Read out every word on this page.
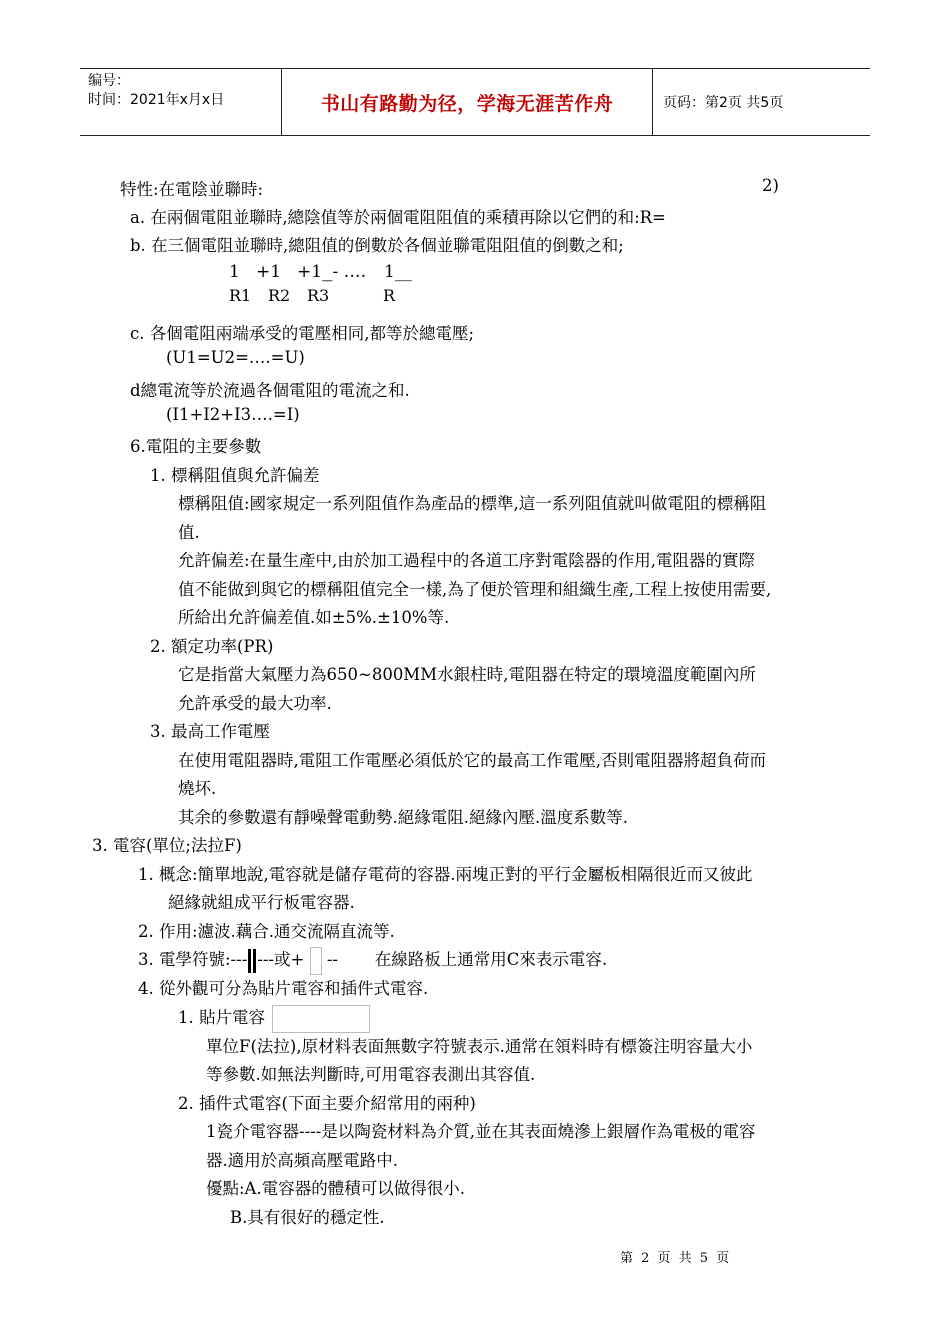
编号：
时间：2021年x月x日	书山有路勤为径，学海无涯苦作舟	页码：第2页 共5页
特性:在電陰並聯時:	2)
a. 在兩個電阻並聯時,總陰值等於兩個電阻阻值的乘積再除以它們的和:R=
b. 在三個電阻並聯時,總阻值的倒數於各個並聯電阻阻值的倒數之和;
1 +1 +1_
_- …. 1__
R1 R2 R3	R
c. 各個電阻兩端承受的電壓相同,都等於總電壓;
(U1=U2=….=U)
d總電流等於流過各個電阻的電流之和.
(I1+I2+I3….=I)
6.電阻的主要參數
1. 標稱阻值與允許偏差
標稱阻值:國家規定一系列阻值作為產品的標準,這一系列阻值就叫做電阻的標稱阻
值.
允許偏差:在量生產中,由於加工過程中的各道工序對電陰器的作用,電阻器的實際
值不能做到與它的標稱阻值完全一樣,為了便於管理和組織生產,工程上按使用需要,
所給出允許偏差值.如±5%.±10%等.
2. 額定功率(PR)
它是指當大氣壓力為650~800MM水銀柱時,電阻器在特定的環境溫度範圍內所
允許承受的最大功率.
3. 最高工作電壓
在使用電阻器時,電阻工作電壓必須低於它的最高工作電壓,否則電阻器將超負荷而
燒坏.
其余的參數還有靜噪聲電動勢.絕緣電阻.絕緣內壓.溫度系數等.
3. 電容(單位;法拉F)
1. 概念:簡單地說,電容就是儲存電荷的容器.兩塊正對的平行金屬板相隔很近而又彼此
絕緣就組成平行板電容器.
2. 作用:濾波.藕合.通交流隔直流等.
3. 電學符號:--- ---或+ -- 在線路板上通常用C來表示電容.
4. 從外觀可分為貼片電容和插件式電容.
1. 貼片電容
單位F(法拉),原材料表面無數字符號表示.通常在領料時有標簽注明容量大小
等參數.如無法判斷時,可用電容表測出其容值.
2. 插件式電容(下面主要介紹常用的兩种)
1瓷介電容器----是以陶瓷材料為介質,並在其表面燒滲上銀層作為電极的電容
器.適用於高頻高壓電路中.
優點:A.電容器的體積可以做得很小.
B.具有很好的穩定性.
第 2 页 共 5 页
